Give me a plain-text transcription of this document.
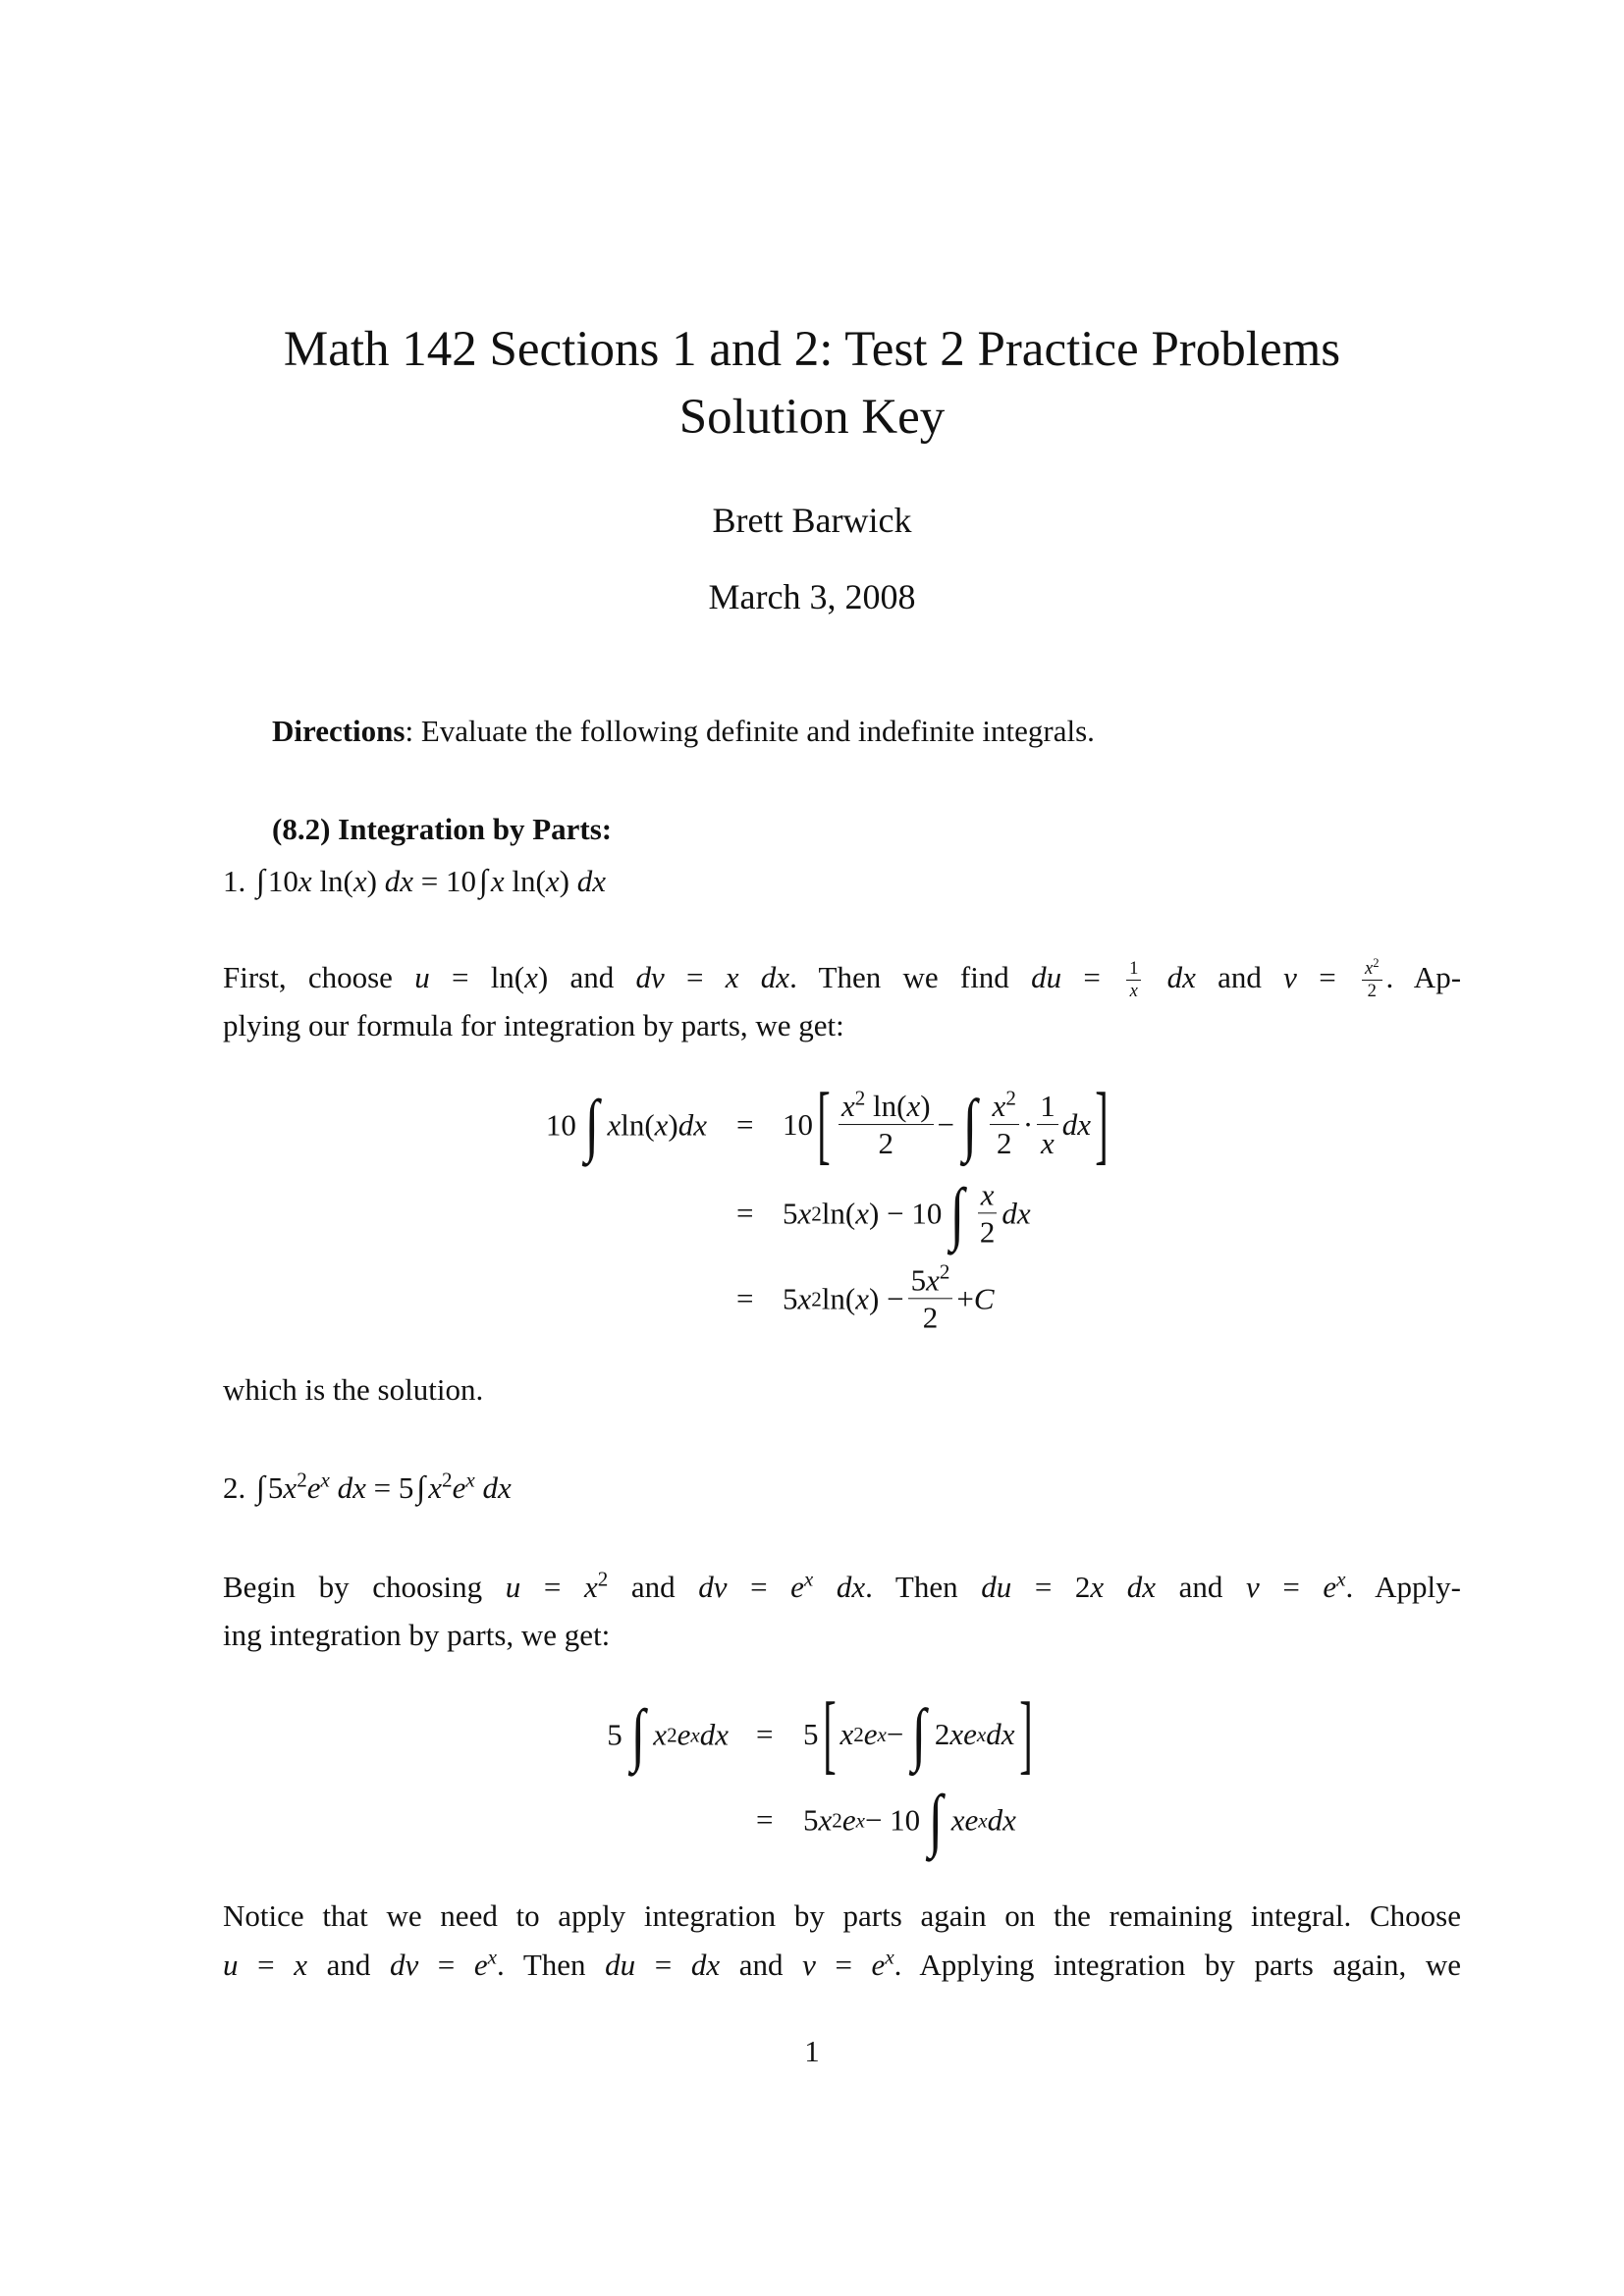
Math 142 Sections 1 and 2: Test 2 Practice Problems
Solution Key
Brett Barwick
March 3, 2008
Directions: Evaluate the following definite and indefinite integrals.
(8.2) Integration by Parts:
1. ∫10x ln(x) dx = 10∫x ln(x) dx
First, choose u = ln(x) and dv = x dx. Then we find du = $\frac{1}{x}$ dx and $v = \frac{x^2}{2}$ . Ap-
plying our formula for integration by parts, we get:
10 ∫ x ln( x ) dx = 10 [ $\frac{x^2 \ln(x)}{2}$ − ∫ $\frac{x^2}{2} \cdot \frac{1}{x}$ dx ]
= 5 x 2 ln( x ) − 10 ∫ $\frac{x}{2}$ dx
= 5 x 2 ln( x ) − $\frac{5x^2}{2} + C$
which is the solution.
2. $\int 5x^2e^x$ dx = $5\int x^2e^x$ dx
Begin by choosing $u = x^2$ and dv = $e^x$ dx. Then du = 2x dx and $v = e^x$. Apply-
ing integration by parts, we get:
5 ∫ x 2 e x dx = 5 [ x 2 e x − ∫ 2 xe x dx ]
= 5 x 2 e x − 10 ∫ xe x dx
Notice that we need to apply integration by parts again on the remaining integral. Choose
u = x and dv = $e^x$. Then du = dx and $v = e^x$. Applying integration by parts again, we
1
